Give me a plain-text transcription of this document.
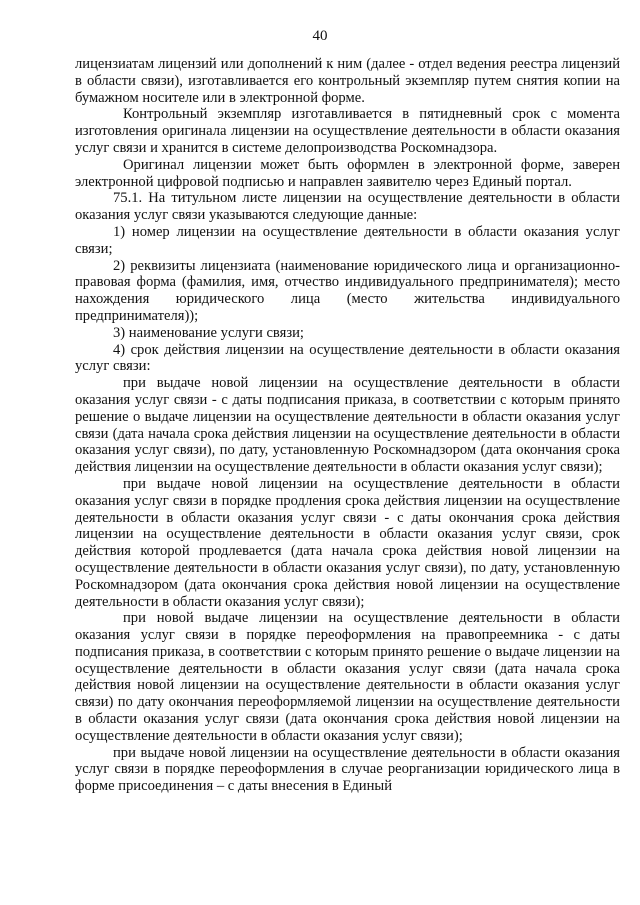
40

лицензиатам лицензий или дополнений к ним (далее - отдел ведения реестра лицензий в области связи), изготавливается его контрольный экземпляр путем снятия копии на бумажном носителе или в электронной форме.

Контрольный экземпляр изготавливается в пятидневный срок с момента изготовления оригинала лицензии на осуществление деятельности в области оказания услуг связи и хранится в системе делопроизводства Роскомнадзора.

Оригинал лицензии может быть оформлен в электронной форме, заверен электронной цифровой подписью и направлен заявителю через Единый портал.

75.1. На титульном листе лицензии на осуществление деятельности в области оказания услуг связи указываются следующие данные:

1) номер лицензии на осуществление деятельности в области оказания услуг связи;

2) реквизиты лицензиата (наименование юридического лица и организационно-правовая форма (фамилия, имя, отчество индивидуального предпринимателя); место нахождения юридического лица (место жительства индивидуального предпринимателя));

3) наименование услуги связи;

4) срок действия лицензии на осуществление деятельности в области оказания услуг связи:

при выдаче новой лицензии на осуществление деятельности в области оказания услуг связи - с даты подписания приказа, в соответствии с которым принято решение о выдаче лицензии на осуществление деятельности в области оказания услуг связи (дата начала срока действия лицензии на осуществление деятельности в области оказания услуг связи), по дату, установленную Роскомнадзором (дата окончания срока действия лицензии на осуществление деятельности в области оказания услуг связи);

при выдаче новой лицензии на осуществление деятельности в области оказания услуг связи в порядке продления срока действия лицензии на осуществление деятельности в области оказания услуг связи - с даты окончания срока действия лицензии на осуществление деятельности в области оказания услуг связи, срок действия которой продлевается (дата начала срока действия новой лицензии на осуществление деятельности в области оказания услуг связи), по дату, установленную Роскомнадзором (дата окончания срока действия новой лицензии на осуществление деятельности в области оказания услуг связи);

при новой выдаче лицензии на осуществление деятельности в области оказания услуг связи в порядке переоформления на правопреемника - с даты подписания приказа, в соответствии с которым принято решение о выдаче лицензии на осуществление деятельности в области оказания услуг связи (дата начала срока действия новой лицензии на осуществление деятельности в области оказания услуг связи) по дату окончания переоформляемой лицензии на осуществление деятельности в области оказания услуг связи (дата окончания срока действия новой лицензии на осуществление деятельности в области оказания услуг связи);

при выдаче новой лицензии на осуществление деятельности в области оказания услуг связи в порядке переоформления в случае реорганизации юридического лица в форме присоединения – с даты внесения в Единый
